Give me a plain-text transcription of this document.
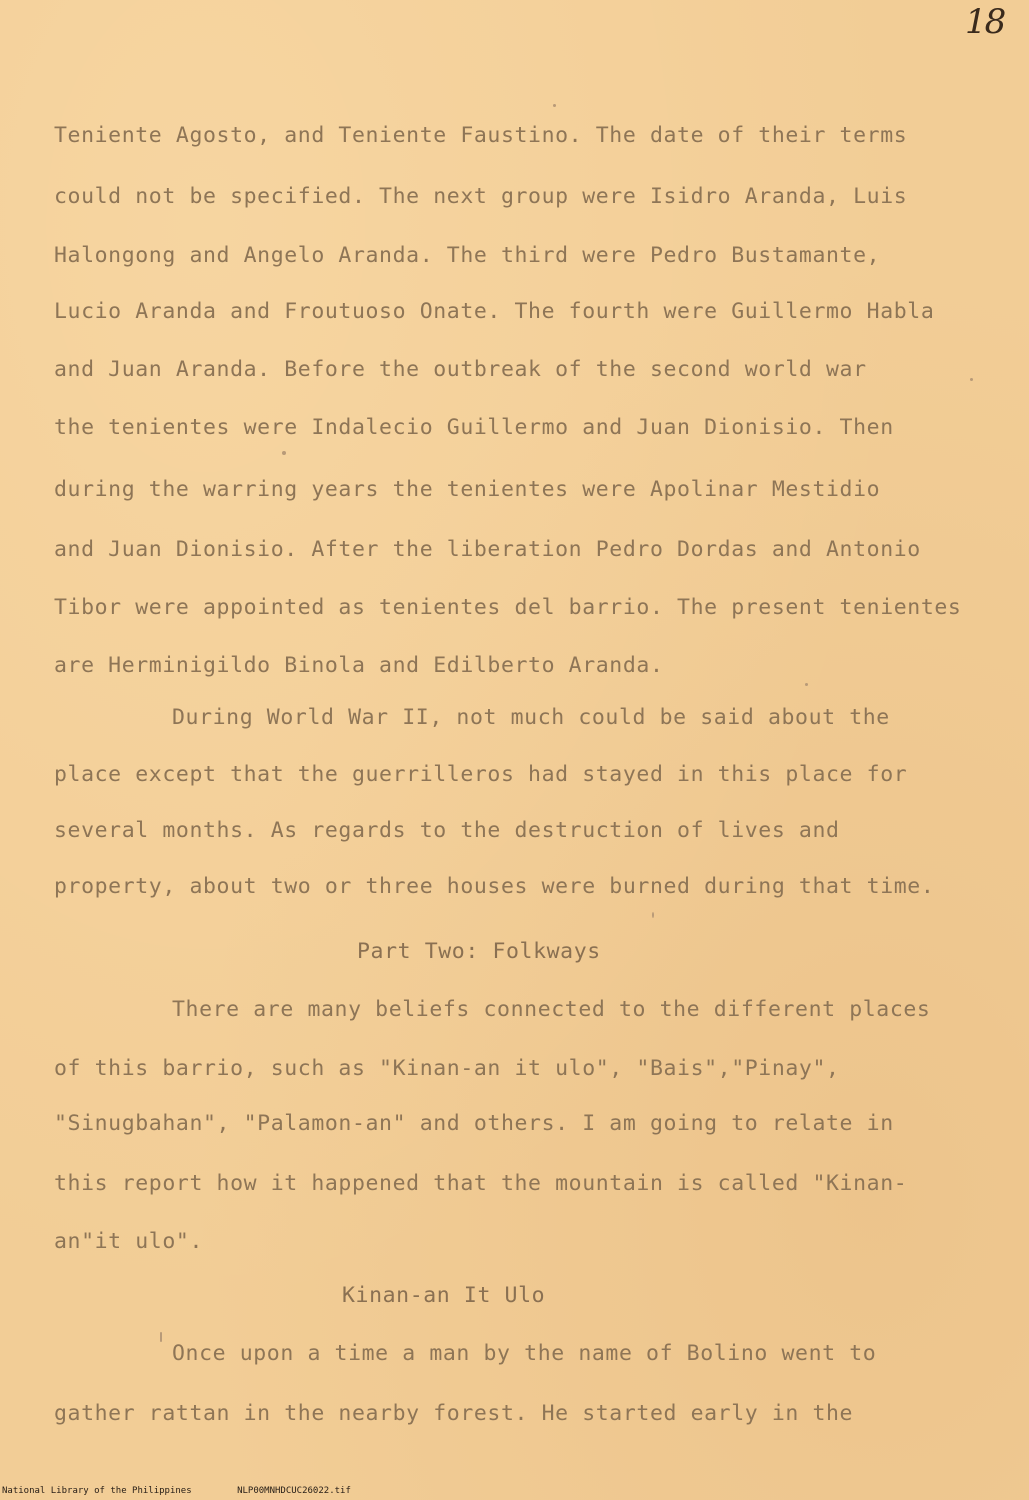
18

Teniente Agosto, and Teniente Faustino. The date of their terms

could not be specified. The next group were Isidro Aranda, Luis

Halongong and Angelo Aranda. The third were Pedro Bustamante,

Lucio Aranda and Froutuoso Onate. The fourth were Guillermo Habla

and Juan Aranda. Before the outbreak of the second world war

the tenientes were Indalecio Guillermo and Juan Dionisio. Then

during the warring years the tenientes were Apolinar Mestidio

and Juan Dionisio. After the liberation Pedro Dordas and Antonio

Tibor were appointed as tenientes del barrio. The present tenientes

are Herminigildo Binola and Edilberto Aranda.

During World War II, not much could be said about the

place except that the guerrilleros had stayed in this place for

several months. As regards to the destruction of lives and

property, about two or three houses were burned during that time.

Part Two: Folkways

There are many beliefs connected to the different places

of this barrio, such as "Kinan-an it ulo", "Bais","Pinay",

"Sinugbahan", "Palamon-an" and others. I am going to relate in

this report how it happened that the mountain is called "Kinan-

an"it ulo".

Kinan-an It Ulo

Once upon a time a man by the name of Bolino went to

gather rattan in the nearby forest. He started early in the

National Library of the Philippines	NLP00MNHDCUC26022.tif
